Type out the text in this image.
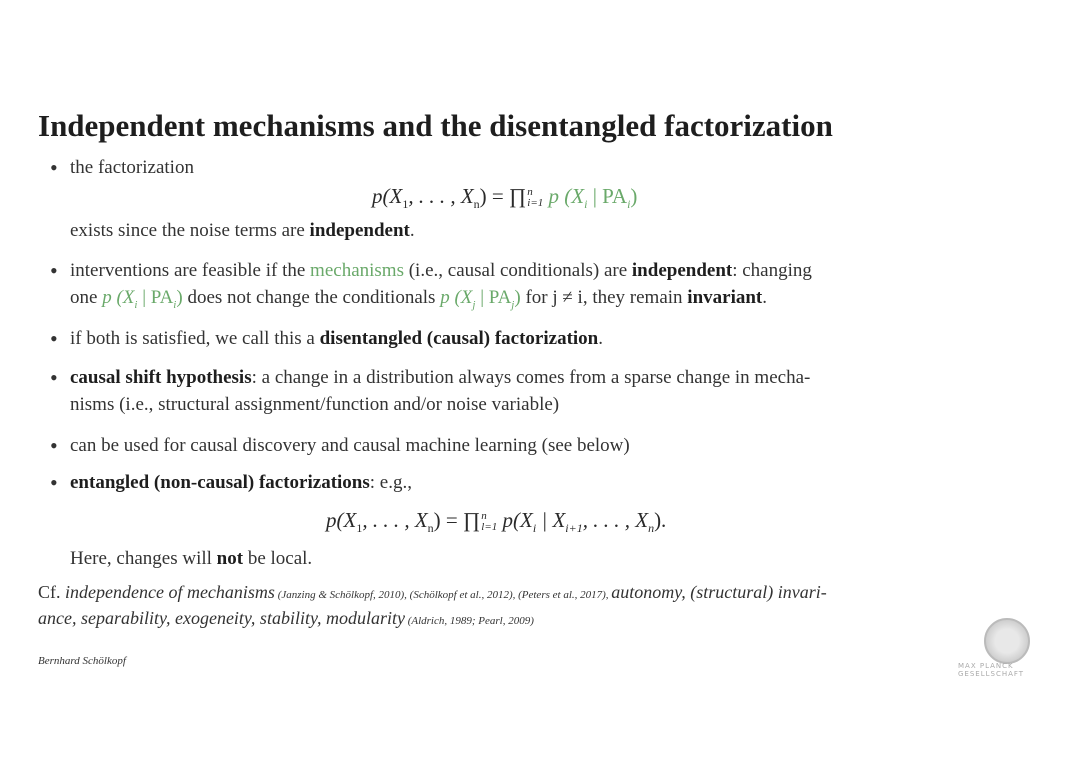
Independent mechanisms and the disentangled factorization
• the factorization
$p(X_1$, . . . , $X_n$) = ∏ n
i=1 p ($X_i$ | $PA_i$)
exists since the noise terms are independent.
• interventions are feasible if the mechanisms (i.e., causal conditionals) are independent: changing
one p ($X_i$ | $PA_i$) does not change the conditionals p ($X_j$ | $PA_j$) for j ≠ i, they remain invariant.
• if both is satisfied, we call this a disentangled (causal) factorization.
• causal shift hypothesis: a change in a distribution always comes from a sparse change in mecha-
nisms (i.e., structural assignment/function and/or noise variable)
• can be used for causal discovery and causal machine learning (see below)
• entangled (non-causal) factorizations: e.g.,
$p(X_1$, . . . , $X_n$) = ∏ n
l=1 $p(X_i$ | $X_{i+1}$, . . . , $X_n$).
Here, changes will not be local.
Cf. independence of mechanisms (Janzing & Schölkopf, 2010), (Schölkopf et al., 2012), (Peters et al., 2017), autonomy, (structural) invari-
ance, separability, exogeneity, stability, modularity (Aldrich, 1989; Pearl, 2009)
Bernhard Schölkopf	MAX PLANCK GESELLSCHAFT
